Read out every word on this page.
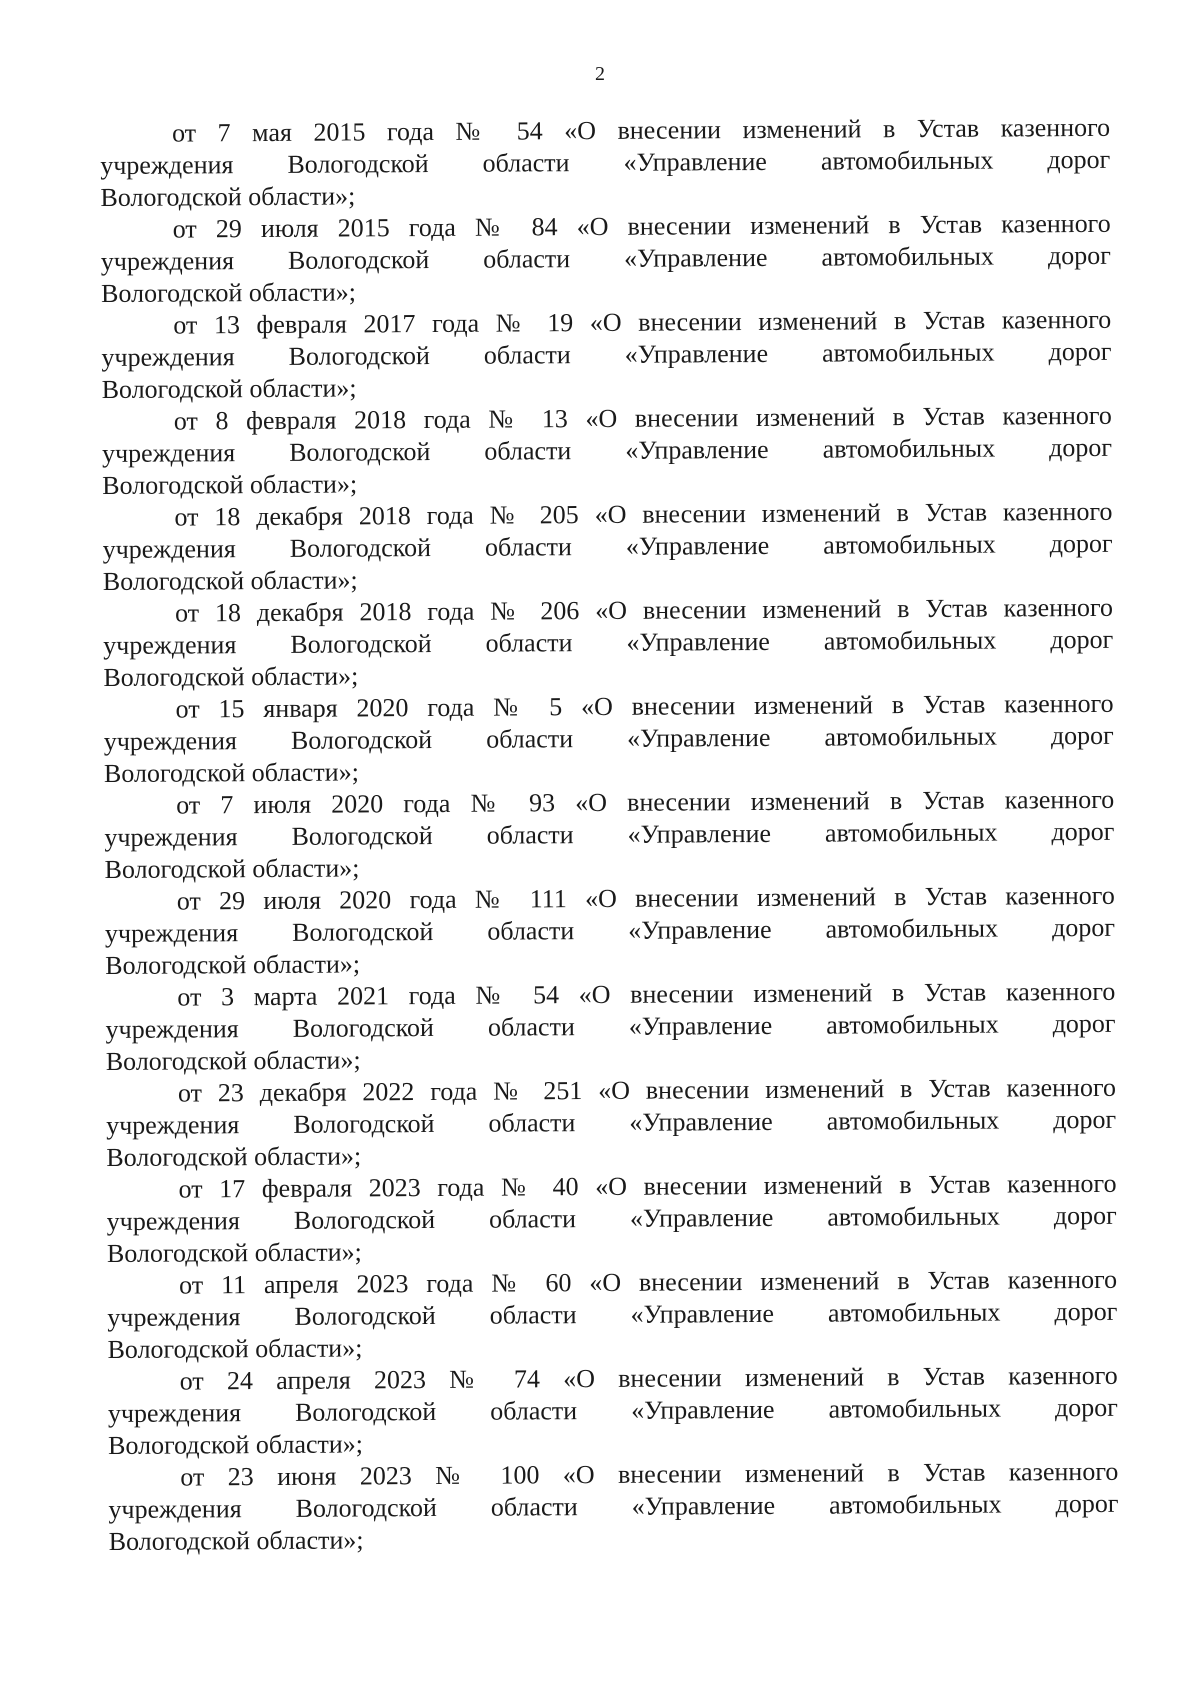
2

от 7 мая 2015 года № 54 «О внесении изменений в Устав казенного
учреждения Вологодской области «Управление автомобильных дорог
Вологодской области»;

от 29 июля 2015 года № 84 «О внесении изменений в Устав казенного
учреждения Вологодской области «Управление автомобильных дорог
Вологодской области»;

от 13 февраля 2017 года № 19 «О внесении изменений в Устав казенного
учреждения Вологодской области «Управление автомобильных дорог
Вологодской области»;

от 8 февраля 2018 года № 13 «О внесении изменений в Устав казенного
учреждения Вологодской области «Управление автомобильных дорог
Вологодской области»;

от 18 декабря 2018 года № 205 «О внесении изменений в Устав казенного
учреждения Вологодской области «Управление автомобильных дорог
Вологодской области»;

от 18 декабря 2018 года № 206 «О внесении изменений в Устав казенного
учреждения Вологодской области «Управление автомобильных дорог
Вологодской области»;

от 15 января 2020 года № 5 «О внесении изменений в Устав казенного
учреждения Вологодской области «Управление автомобильных дорог
Вологодской области»;

от 7 июля 2020 года № 93 «О внесении изменений в Устав казенного
учреждения Вологодской области «Управление автомобильных дорог
Вологодской области»;

от 29 июля 2020 года № 111 «О внесении изменений в Устав казенного
учреждения Вологодской области «Управление автомобильных дорог
Вологодской области»;

от 3 марта 2021 года № 54 «О внесении изменений в Устав казенного
учреждения Вологодской области «Управление автомобильных дорог
Вологодской области»;

от 23 декабря 2022 года № 251 «О внесении изменений в Устав казенного
учреждения Вологодской области «Управление автомобильных дорог
Вологодской области»;

от 17 февраля 2023 года № 40 «О внесении изменений в Устав казенного
учреждения Вологодской области «Управление автомобильных дорог
Вологодской области»;

от 11 апреля 2023 года № 60 «О внесении изменений в Устав казенного
учреждения Вологодской области «Управление автомобильных дорог
Вологодской области»;

от 24 апреля 2023 № 74 «О внесении изменений в Устав казенного
учреждения Вологодской области «Управление автомобильных дорог
Вологодской области»;

от 23 июня 2023 № 100 «О внесении изменений в Устав казенного
учреждения Вологодской области «Управление автомобильных дорог
Вологодской области»;
